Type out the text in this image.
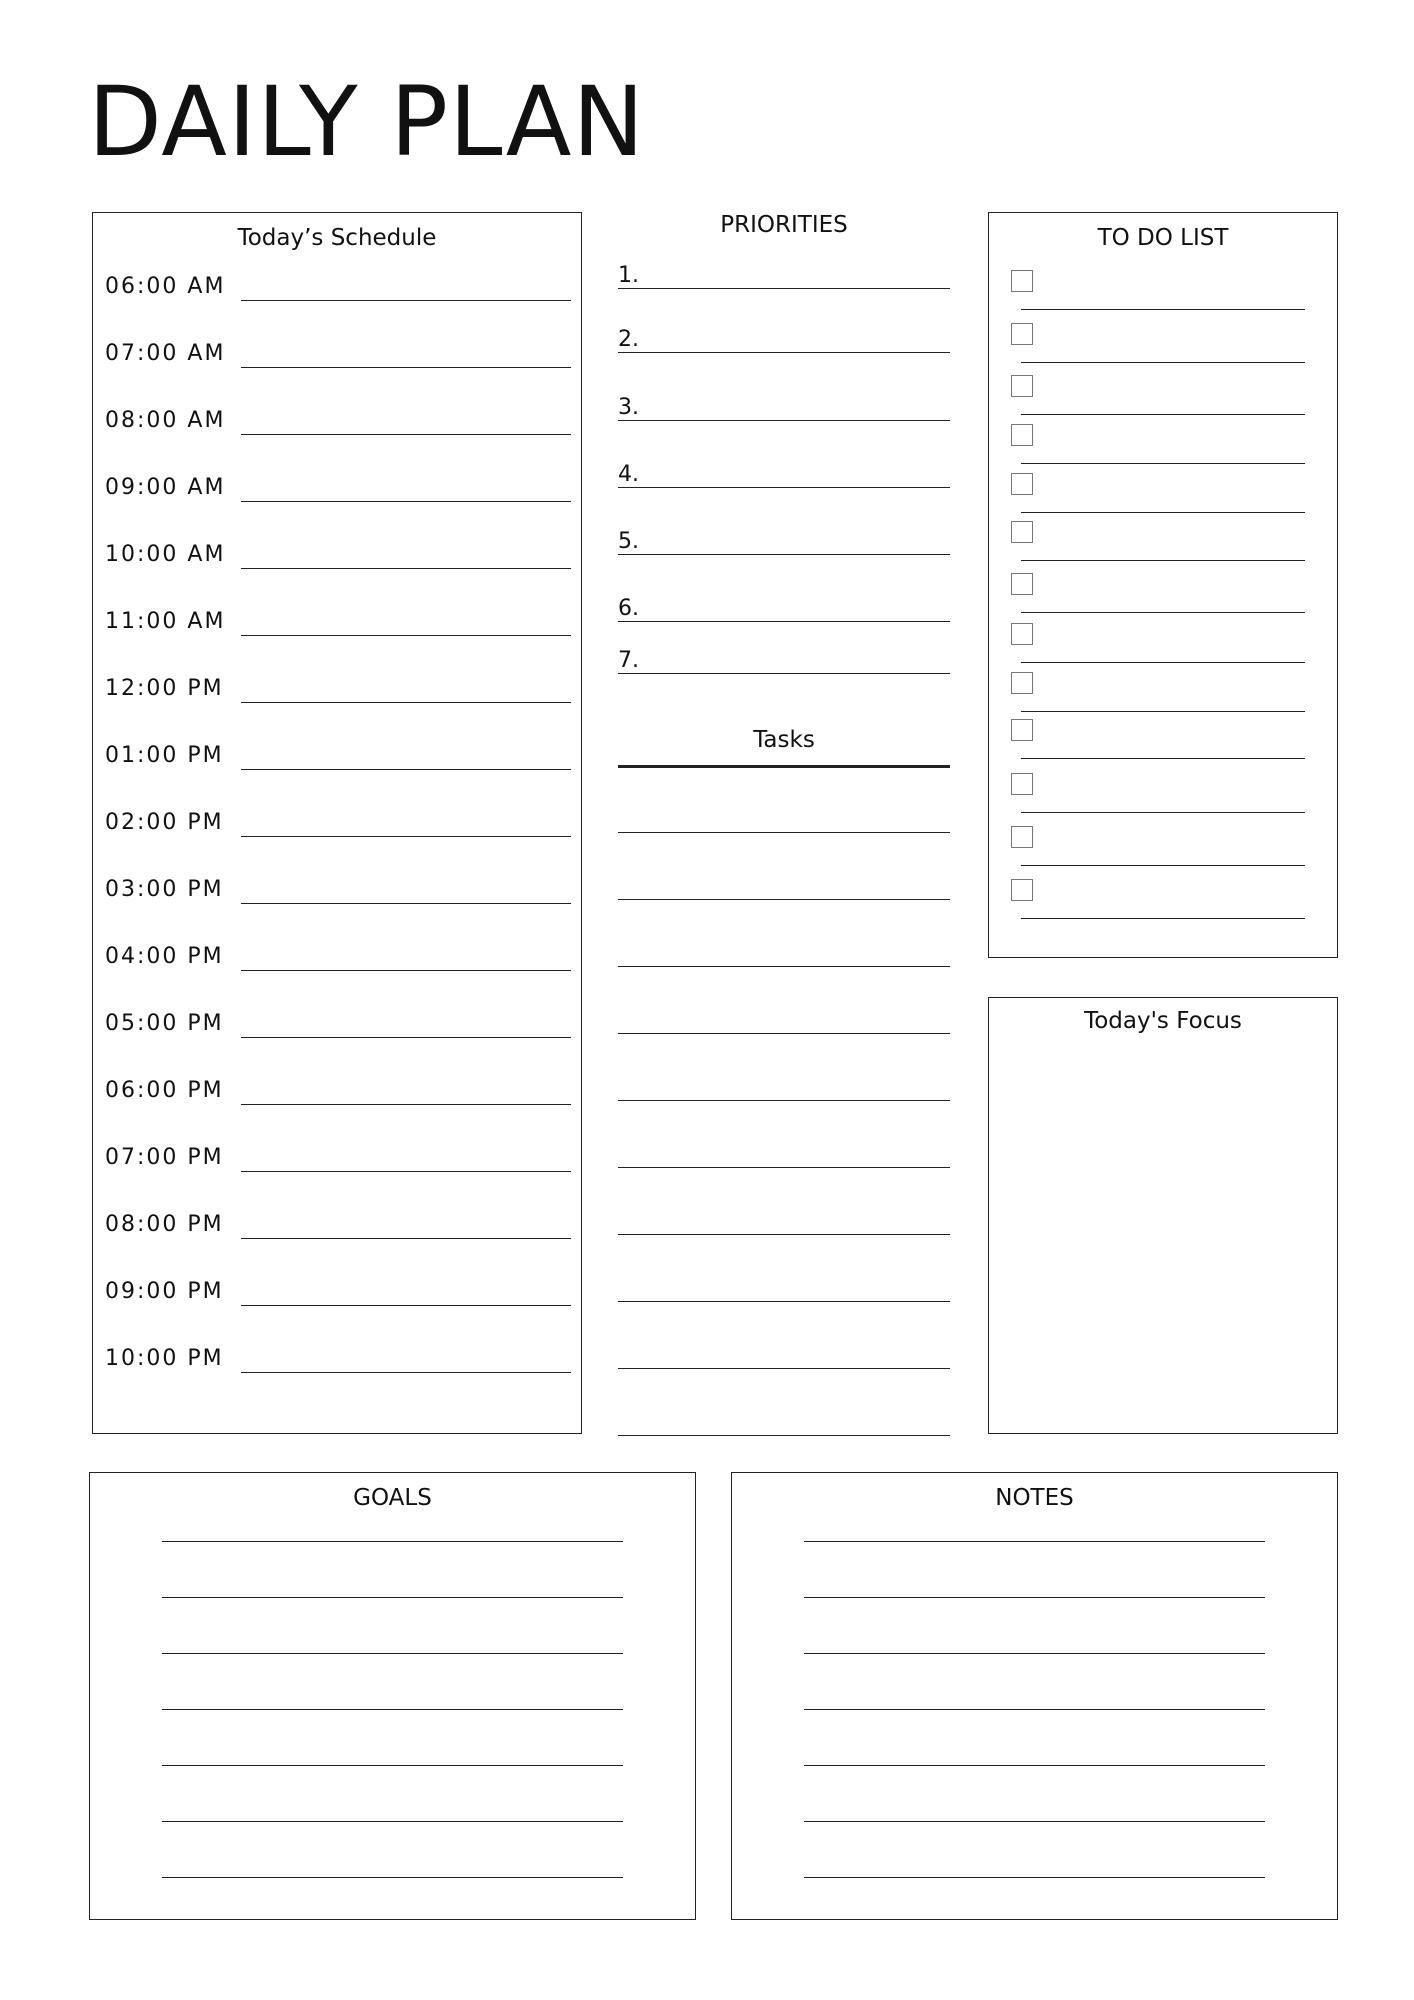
DAILY PLAN
Today’s Schedule
06:00 AM
07:00 AM
08:00 AM
09:00 AM
10:00 AM
11:00 AM
12:00 PM
01:00 PM
02:00 PM
03:00 PM
04:00 PM
05:00 PM
06:00 PM
07:00 PM
08:00 PM
09:00 PM
10:00 PM
PRIORITIES
Tasks
TO DO LIST
Today's Focus
GOALS	NOTES
1.
2.
3.
4.
5.
6.
7.
